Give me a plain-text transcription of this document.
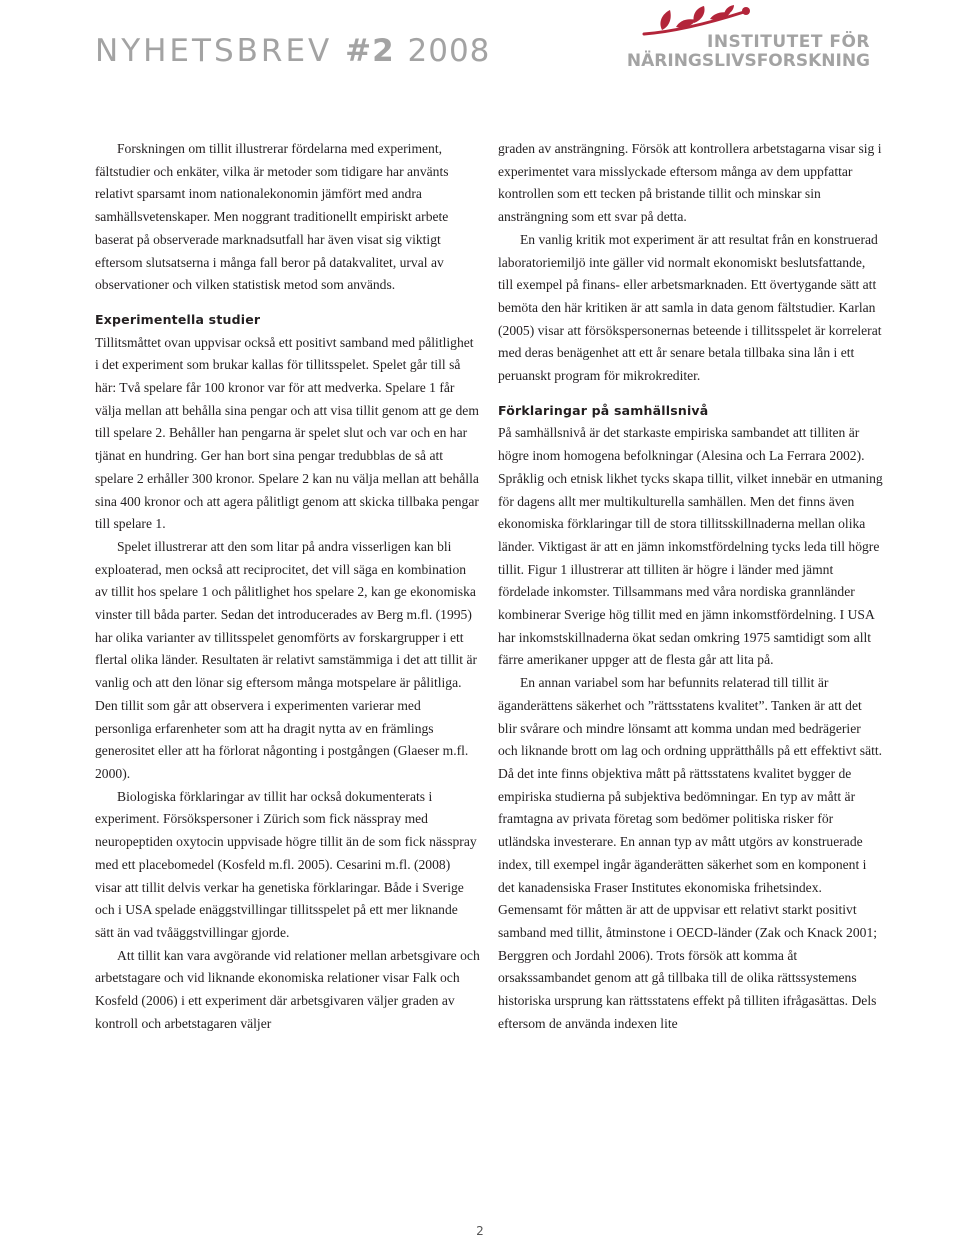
NYHETSBREV #2 2008	INSTITUTET FÖR
NÄRINGSLIVSFORSKNING

Forskningen om tillit illustrerar fördelarna med experiment, fältstudier och enkäter, vilka är metoder som tidigare har använts relativt sparsamt inom nationalekonomin jämfört med andra samhällsvetenskaper. Men noggrant traditionellt empiriskt arbete baserat på observerade marknadsutfall har även visat sig viktigt eftersom slutsatserna i många fall beror på datakvalitet, urval av observationer och vilken statistisk metod som används.

Experimentella studier

Tillitsmåttet ovan uppvisar också ett positivt samband med pålitlighet i det experiment som brukar kallas för tillitsspelet. Spelet går till så här: Två spelare får 100 kronor var för att medverka. Spelare 1 får välja mellan att behålla sina pengar och att visa tillit genom att ge dem till spelare 2. Behåller han pengarna är spelet slut och var och en har tjänat en hundring. Ger han bort sina pengar tredubblas de så att spelare 2 erhåller 300 kronor. Spelare 2 kan nu välja mellan att behålla sina 400 kronor och att agera pålitligt genom att skicka tillbaka pengar till spelare 1.

Spelet illustrerar att den som litar på andra visserligen kan bli exploaterad, men också att reciprocitet, det vill säga en kombination av tillit hos spelare 1 och pålitlighet hos spelare 2, kan ge ekonomiska vinster till båda parter. Sedan det introducerades av Berg m.fl. (1995) har olika varianter av tillitsspelet genomförts av forskargrupper i ett flertal olika länder. Resultaten är relativt samstämmiga i det att tillit är vanlig och att den lönar sig eftersom många motspelare är pålitliga. Den tillit som går att observera i experimenten varierar med personliga erfarenheter som att ha dragit nytta av en främlings generositet eller att ha förlorat någonting i postgången (Glaeser m.fl. 2000).

Biologiska förklaringar av tillit har också dokumenterats i experiment. Försökspersoner i Zürich som fick nässpray med neuropeptiden oxytocin uppvisade högre tillit än de som fick nässpray med ett placebomedel (Kosfeld m.fl. 2005). Cesarini m.fl. (2008) visar att tillit delvis verkar ha genetiska förklaringar. Både i Sverige och i USA spelade enäggstvillingar tillitsspelet på ett mer liknande sätt än vad tvåäggstvillingar gjorde.

Att tillit kan vara avgörande vid relationer mellan arbetsgivare och arbetstagare och vid liknande ekonomiska relationer visar Falk och Kosfeld (2006) i ett experiment där arbetsgivaren väljer graden av kontroll och arbetstagaren väljer

graden av ansträngning. Försök att kontrollera arbetstagarna visar sig i experimentet vara misslyckade eftersom många av dem uppfattar kontrollen som ett tecken på bristande tillit och minskar sin ansträngning som ett svar på detta.

En vanlig kritik mot experiment är att resultat från en konstruerad laboratoriemiljö inte gäller vid normalt ekonomiskt beslutsfattande, till exempel på finans- eller arbetsmarknaden. Ett övertygande sätt att bemöta den här kritiken är att samla in data genom fältstudier. Karlan (2005) visar att försökspersonernas beteende i tillitsspelet är korrelerat med deras benägenhet att ett år senare betala tillbaka sina lån i ett peruanskt program för mikrokrediter.

Förklaringar på samhällsnivå

På samhällsnivå är det starkaste empiriska sambandet att tilliten är högre inom homogena befolkningar (Alesina och La Ferrara 2002). Språklig och etnisk likhet tycks skapa tillit, vilket innebär en utmaning för dagens allt mer multikulturella samhällen. Men det finns även ekonomiska förklaringar till de stora tillitsskillnaderna mellan olika länder. Viktigast är att en jämn inkomstfördelning tycks leda till högre tillit. Figur 1 illustrerar att tilliten är högre i länder med jämnt fördelade inkomster. Tillsammans med våra nordiska grannländer kombinerar Sverige hög tillit med en jämn inkomstfördelning. I USA har inkomstskillnaderna ökat sedan omkring 1975 samtidigt som allt färre amerikaner uppger att de flesta går att lita på.

En annan variabel som har befunnits relaterad till tillit är äganderättens säkerhet och ”rättsstatens kvalitet”. Tanken är att det blir svårare och mindre lönsamt att komma undan med bedrägerier och liknande brott om lag och ordning upprätthålls på ett effektivt sätt. Då det inte finns objektiva mått på rättsstatens kvalitet bygger de empiriska studierna på subjektiva bedömningar. En typ av mått är framtagna av privata företag som bedömer politiska risker för utländska investerare. En annan typ av mått utgörs av konstruerade index, till exempel ingår äganderätten säkerhet som en komponent i det kanadensiska Fraser Institutes ekonomiska frihetsindex. Gemensamt för måtten är att de uppvisar ett relativt starkt positivt samband med tillit, åtminstone i OECD-länder (Zak och Knack 2001; Berggren och Jordahl 2006). Trots försök att komma åt orsakssambandet genom att gå tillbaka till de olika rättssystemens historiska ursprung kan rättsstatens effekt på tilliten ifrågasättas. Dels eftersom de använda indexen lite

2
